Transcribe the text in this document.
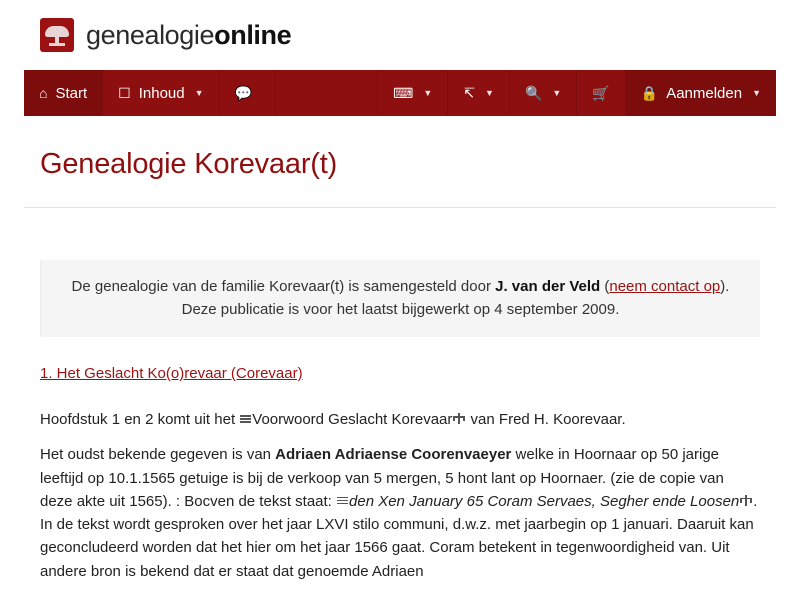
genealogieonline
⌂ Start ☐ Inhoud ▼ 💬	⌨ ▼ ↸ ▼ 🔍 ▼ 🛒 🔒 Aanmelden ▼
Genealogie Korevaar(t)
De genealogie van de familie Korevaar(t) is samengesteld door J. van der Veld (neem contact op). Deze publicatie is voor het laatst bijgewerkt op 4 september 2009.
1. Het Geslacht Ko(o)revaar (Corevaar)
Hoofdstuk 1 en 2 komt uit het
Voorwoord Geslacht Korevaar
van Fred H. Koorevaar.
Het oudst bekende gegeven is van Adriaen Adriaense Coorenvaeyer welke in Hoornaar op 50 jarige leeftijd op 10.1.1565 getuige is bij de verkoop van 5 mergen, 5 hont lant op Hoornaer. (zie de copie van deze akte uit 1565). : Bocven de tekst staat:
den Xen January 65 Coram Servaes, Segher ende Loosen . In de tekst wordt gesproken over het jaar LXVI stilo communi, d.w.z. met jaarbegin op 1 januari. Daaruit kan geconcludeerd worden dat het hier om het jaar 1566 gaat. Coram betekent in tegenwoordigheid van. Uit andere bron is bekend dat er staat dat genoemde Adriaen
